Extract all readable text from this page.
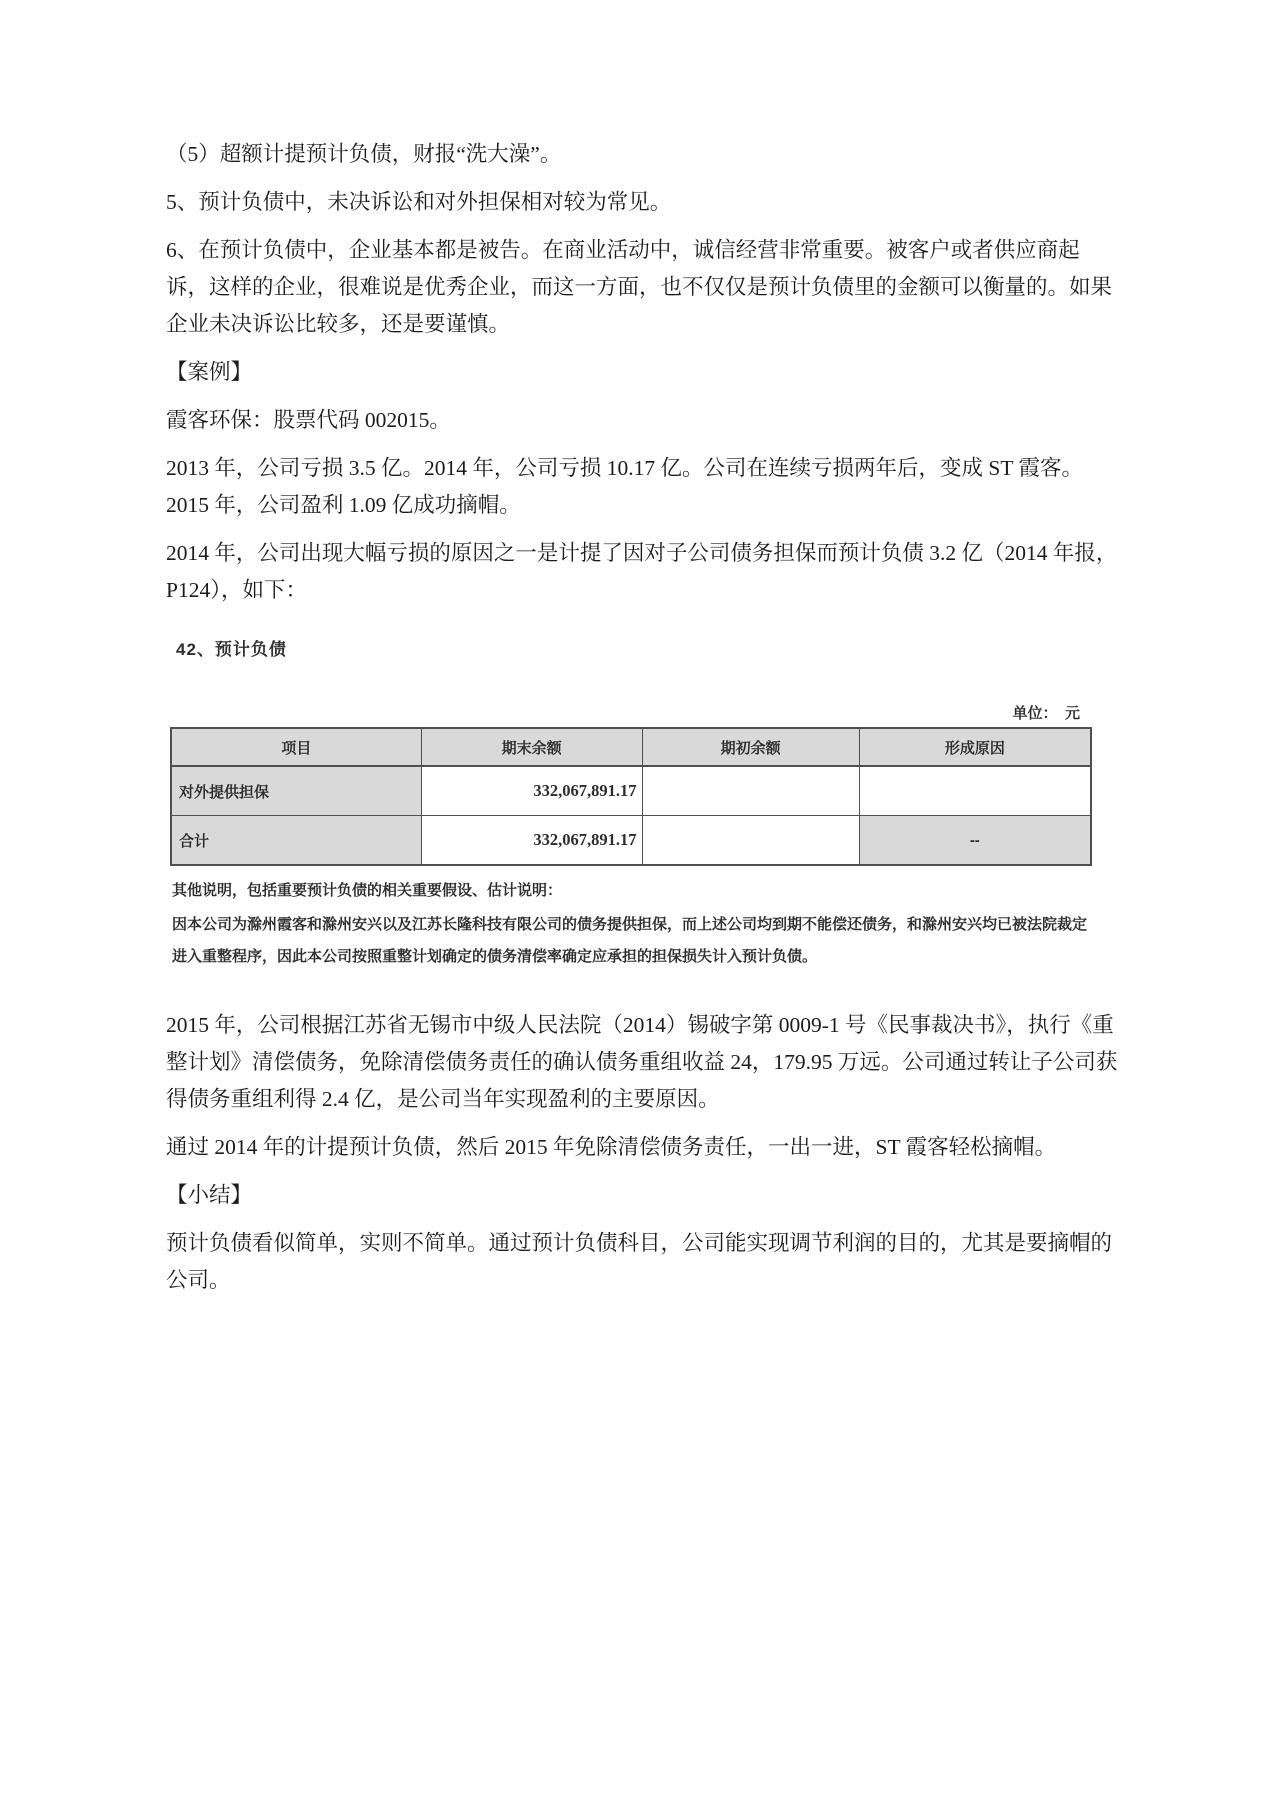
（5）超额计提预计负债，财报“洗大澡”。

5、预计负债中，未决诉讼和对外担保相对较为常见。

6、在预计负债中，企业基本都是被告。在商业活动中，诚信经营非常重要。被客户或者供应商起诉，这样的企业，很难说是优秀企业，而这一方面，也不仅仅是预计负债里的金额可以衡量的。如果企业未决诉讼比较多，还是要谨慎。

【案例】

霞客环保：股票代码 002015。

2013 年，公司亏损 3.5 亿。2014 年，公司亏损 10.17 亿。公司在连续亏损两年后，变成 ST 霞客。2015 年，公司盈利 1.09 亿成功摘帽。

2014 年，公司出现大幅亏损的原因之一是计提了因对子公司债务担保而预计负债 3.2 亿（2014 年报，P124），如下：

42、预计负债
单位：　元
项目	期末余额	期初余额	形成原因
对外提供担保	332,067,891.17		
合计	332,067,891.17		--
其他说明，包括重要预计负债的相关重要假设、估计说明：
因本公司为滁州霞客和滁州安兴以及江苏长隆科技有限公司的债务提供担保，而上述公司均到期不能偿还债务，和滁州安兴均已被法院裁定进入重整程序，因此本公司按照重整计划确定的债务清偿率确定应承担的担保损失计入预计负债。

2015 年，公司根据江苏省无锡市中级人民法院（2014）锡破字第 0009-1 号《民事裁决书》，执行《重整计划》清偿债务，免除清偿债务责任的确认债务重组收益 24，179.95 万远。公司通过转让子公司获得债务重组利得 2.4 亿，是公司当年实现盈利的主要原因。

通过 2014 年的计提预计负债，然后 2015 年免除清偿债务责任，一出一进，ST 霞客轻松摘帽。

【小结】

预计负债看似简单，实则不简单。通过预计负债科目，公司能实现调节利润的目的，尤其是要摘帽的公司。
